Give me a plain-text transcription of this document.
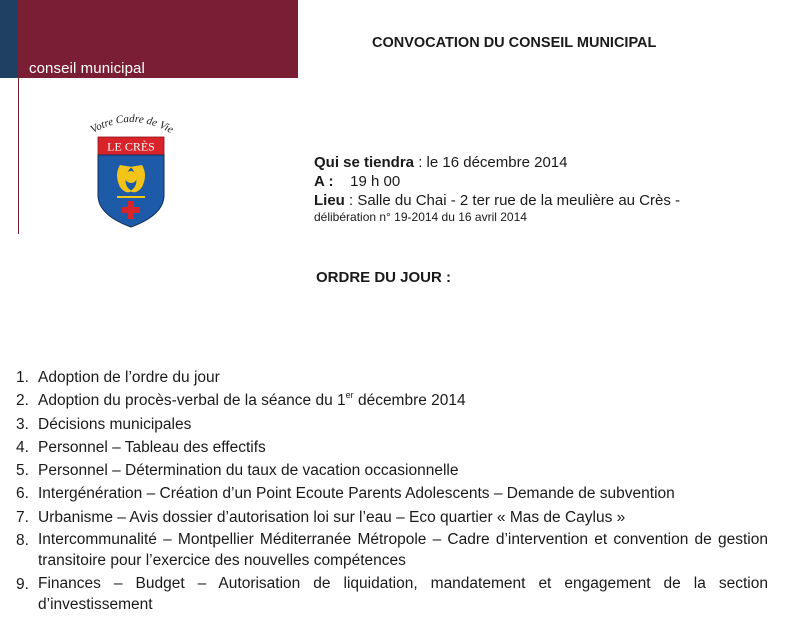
conseil municipal
CONVOCATION DU CONSEIL MUNICIPAL
Votre Cadre de Vie
LE CRÈS
Qui se tiendra : le 16 décembre 2014
A : 19 h 00
Lieu : Salle du Chai - 2 ter rue de la meulière au Crès -
délibération n° 19-2014 du 16 avril 2014
ORDRE DU JOUR :
1. Adoption de l’ordre du jour
2. Adoption du procès-verbal de la séance du 1er décembre 2014
3. Décisions municipales
4. Personnel – Tableau des effectifs
5. Personnel – Détermination du taux de vacation occasionnelle
6. Intergénération – Création d’un Point Ecoute Parents Adolescents – Demande de subvention
7. Urbanisme – Avis dossier d’autorisation loi sur l’eau – Eco quartier « Mas de Caylus »
8. Intercommunalité – Montpellier Méditerranée Métropole – Cadre d’intervention et convention de gestion transitoire pour l’exercice des nouvelles compétences
9. Finances – Budget – Autorisation de liquidation, mandatement et engagement de la section d’investissement
